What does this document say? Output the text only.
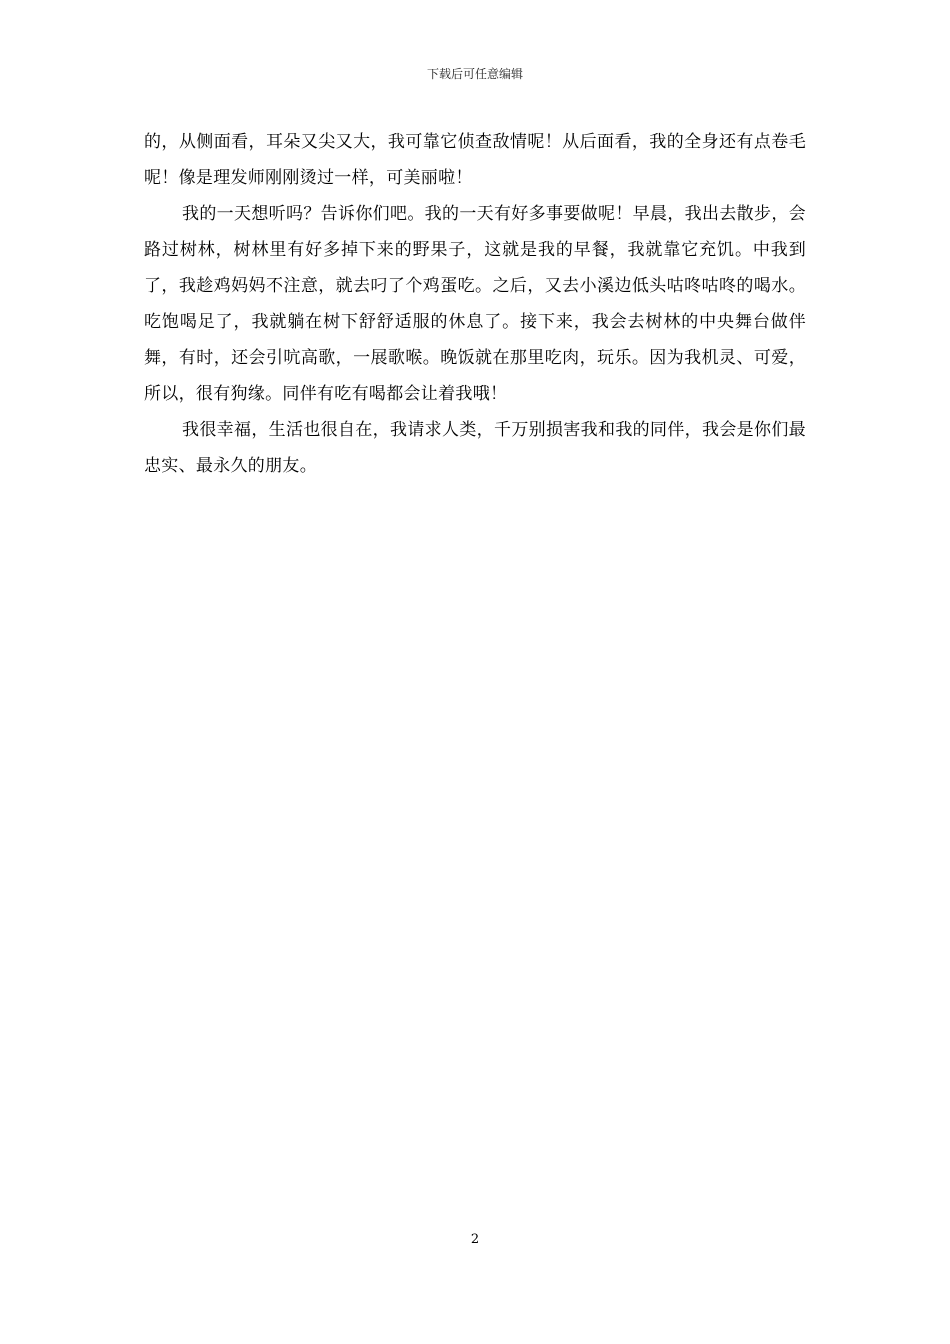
下载后可任意编辑

的，从侧面看，耳朵又尖又大，我可靠它侦查敌情呢！从后面看，我的全身还有点卷毛呢！像是理发师刚刚烫过一样，可美丽啦！

我的一天想听吗？告诉你们吧。我的一天有好多事要做呢！早晨，我出去散步，会路过树林，树林里有好多掉下来的野果子，这就是我的早餐，我就靠它充饥。中我到了，我趁鸡妈妈不注意，就去叼了个鸡蛋吃。之后，又去小溪边低头咕咚咕咚的喝水。吃饱喝足了，我就躺在树下舒舒适服的休息了。接下来，我会去树林的中央舞台做伴舞，有时，还会引吭高歌，一展歌喉。晚饭就在那里吃肉，玩乐。因为我机灵、可爱，所以，很有狗缘。同伴有吃有喝都会让着我哦！

我很幸福，生活也很自在，我请求人类，千万别损害我和我的同伴，我会是你们最忠实、最永久的朋友。

2
